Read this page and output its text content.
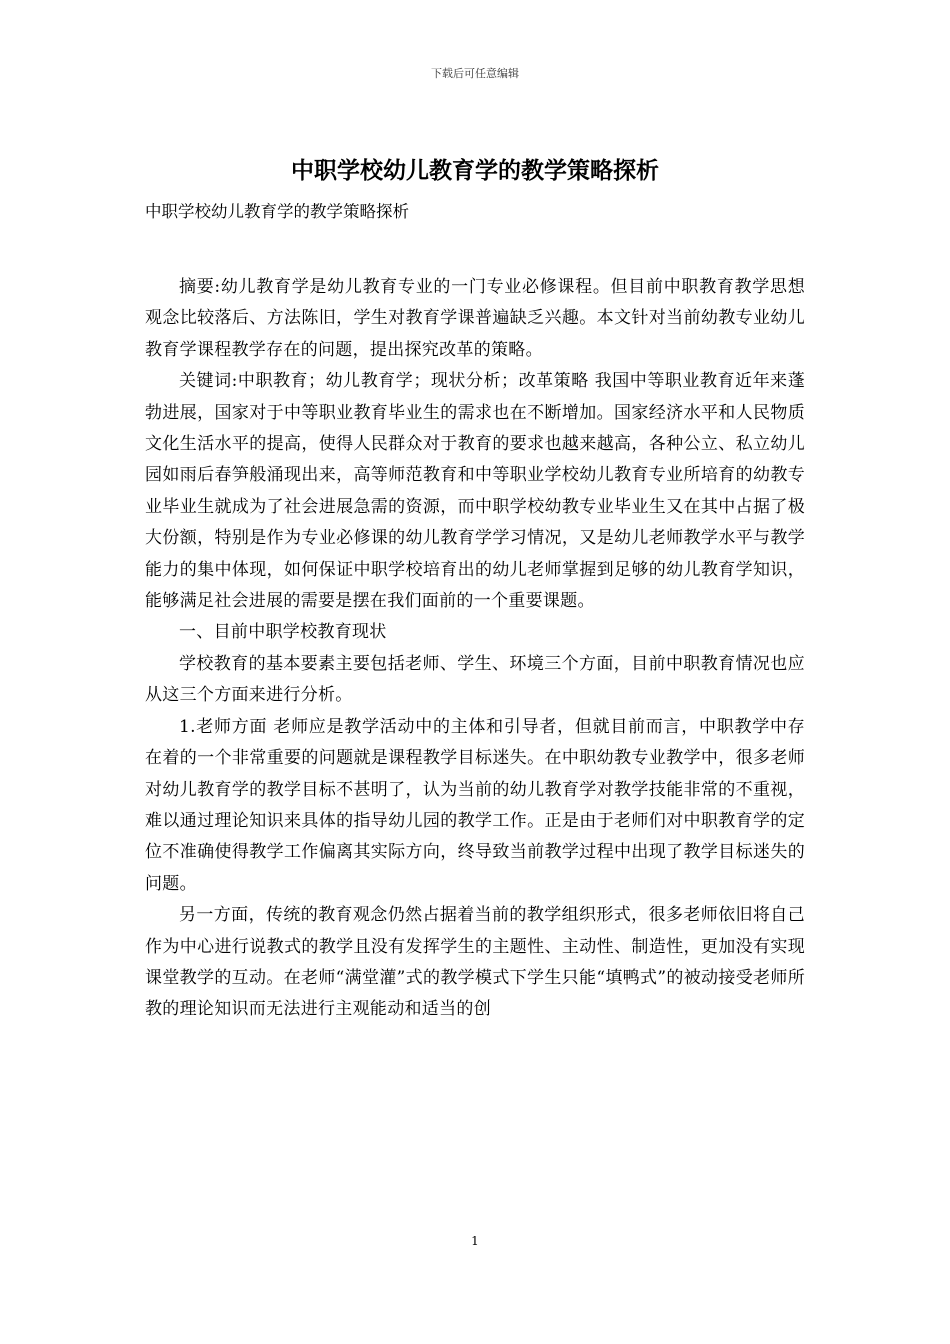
下载后可任意编辑
中职学校幼儿教育学的教学策略探析
中职学校幼儿教育学的教学策略探析

摘要:幼儿教育学是幼儿教育专业的一门专业必修课程。但目前中职教育教学思想观念比较落后、方法陈旧，学生对教育学课普遍缺乏兴趣。本文针对当前幼教专业幼儿教育学课程教学存在的问题，提出探究改革的策略。

关键词:中职教育；幼儿教育学；现状分析；改革策略 我国中等职业教育近年来蓬勃进展，国家对于中等职业教育毕业生的需求也在不断增加。国家经济水平和人民物质文化生活水平的提高，使得人民群众对于教育的要求也越来越高，各种公立、私立幼儿园如雨后春笋般涌现出来，高等师范教育和中等职业学校幼儿教育专业所培育的幼教专业毕业生就成为了社会进展急需的资源，而中职学校幼教专业毕业生又在其中占据了极大份额，特别是作为专业必修课的幼儿教育学学习情况，又是幼儿老师教学水平与教学能力的集中体现，如何保证中职学校培育出的幼儿老师掌握到足够的幼儿教育学知识，能够满足社会进展的需要是摆在我们面前的一个重要课题。

一、目前中职学校教育现状

学校教育的基本要素主要包括老师、学生、环境三个方面，目前中职教育情况也应从这三个方面来进行分析。

1.老师方面 老师应是教学活动中的主体和引导者，但就目前而言，中职教学中存在着的一个非常重要的问题就是课程教学目标迷失。在中职幼教专业教学中，很多老师对幼儿教育学的教学目标不甚明了，认为当前的幼儿教育学对教学技能非常的不重视，难以通过理论知识来具体的指导幼儿园的教学工作。正是由于老师们对中职教育学的定位不准确使得教学工作偏离其实际方向，终导致当前教学过程中出现了教学目标迷失的问题。

另一方面，传统的教育观念仍然占据着当前的教学组织形式，很多老师依旧将自己作为中心进行说教式的教学且没有发挥学生的主题性、主动性、制造性，更加没有实现课堂教学的互动。在老师“满堂灌”式的教学模式下学生只能“填鸭式”的被动接受老师所教的理论知识而无法进行主观能动和适当的创

1
